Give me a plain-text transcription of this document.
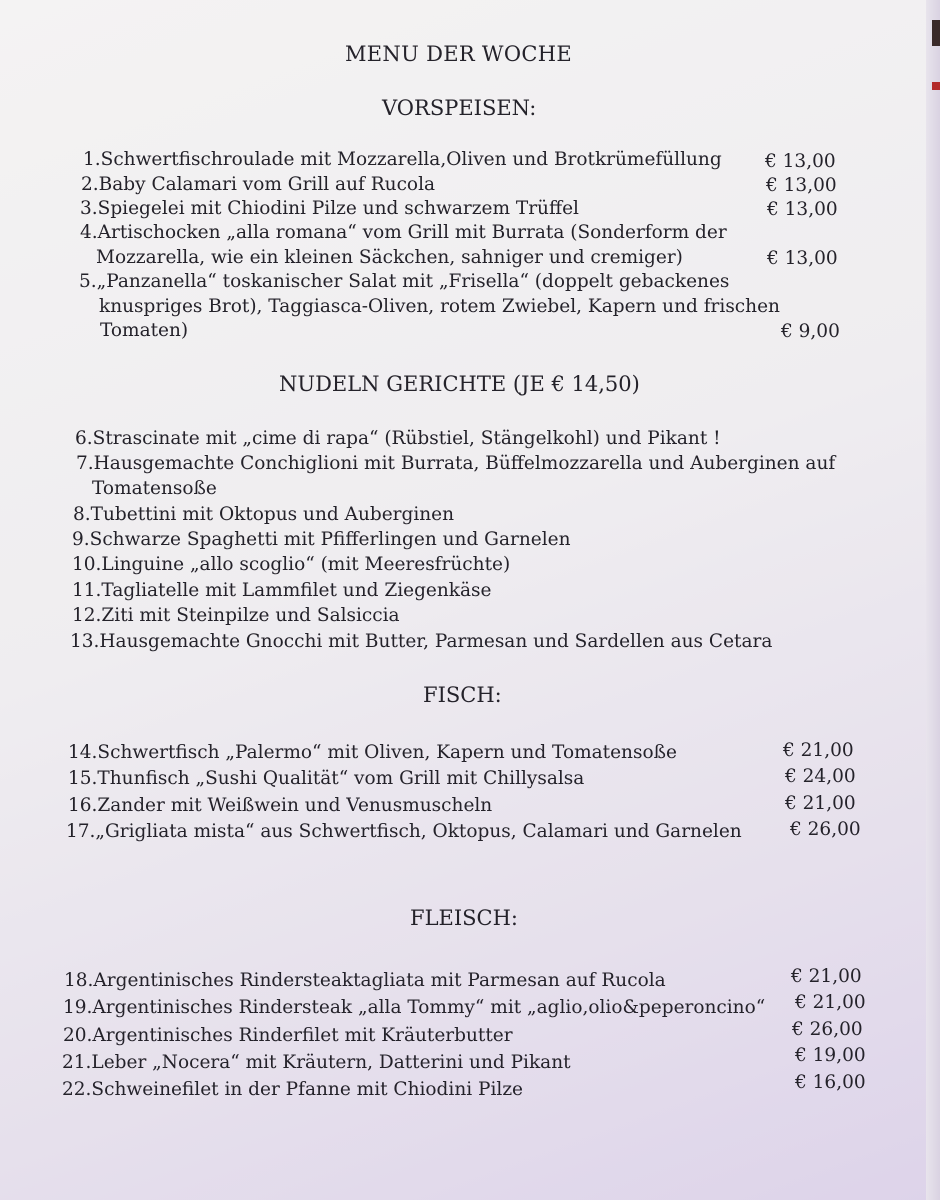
MENU DER WOCHE
VORSPEISEN:
1.Schwertfischroulade mit Mozzarella,Oliven und Brotkrümefüllung € 13,00
2.Baby Calamari vom Grill auf Rucola	€ 13,00
3.Spiegelei mit Chiodini Pilze und schwarzem Trüffel	€ 13,00
4.Artischocken „alla romana“ vom Grill mit Burrata (Sonderform der
Mozzarella, wie ein kleinen Säckchen, sahniger und cremiger)	€ 13,00
5.„Panzanella“ toskanischer Salat mit „Frisella“ (doppelt gebackenes
knuspriges Brot), Taggiasca-Oliven, rotem Zwiebel, Kapern und frischen
Tomaten)	€ 9,00
NUDELN GERICHTE (JE € 14,50)
6.Strascinate mit „cime di rapa“ (Rübstiel, Stängelkohl) und Pikant !
7.Hausgemachte Conchiglioni mit Burrata, Büffelmozzarella und Auberginen auf
Tomatensoße
8.Tubettini mit Oktopus und Auberginen
9.Schwarze Spaghetti mit Pfifferlingen und Garnelen
10.Linguine „allo scoglio“ (mit Meeresfrüchte)
11.Tagliatelle mit Lammfilet und Ziegenkäse
12.Ziti mit Steinpilze und Salsiccia
13.Hausgemachte Gnocchi mit Butter, Parmesan und Sardellen aus Cetara
FISCH:
14.Schwertfisch „Palermo“ mit Oliven, Kapern und Tomatensoße	€ 21,00
15.Thunfisch „Sushi Qualität“ vom Grill mit Chillysalsa	€ 24,00
16.Zander mit Weißwein und Venusmuscheln	€ 21,00
17.„Grigliata mista“ aus Schwertfisch, Oktopus, Calamari und Garnelen	€ 26,00
FLEISCH:
18.Argentinisches Rindersteaktagliata mit Parmesan auf Rucola	€ 21,00
19.Argentinisches Rindersteak „alla Tommy“ mit „aglio,olio&peperoncino“ € 21,00
20.Argentinisches Rinderfilet mit Kräuterbutter	€ 26,00
21.Leber „Nocera“ mit Kräutern, Datterini und Pikant	€ 19,00
22.Schweinefilet in der Pfanne mit Chiodini Pilze	€ 16,00
